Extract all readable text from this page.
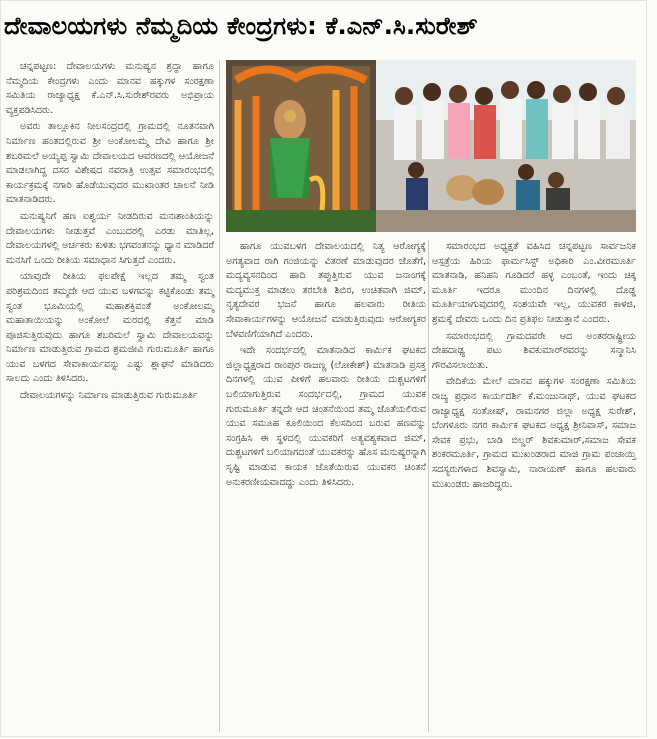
ದೇವಾಲಯಗಳು ನೆಮ್ಮದಿಯ ಕೇಂದ್ರಗಳು: ಕೆ.ಎನ್.ಸಿ.ಸುರೇಶ್

ಚನ್ನಪಟ್ಟಣ: ದೇವಾಲಯಗಳು ಮನುಷ್ಯನ ಶ್ರದ್ಧಾ ಹಾಗೂ ನೆಮ್ಮದಿಯ ಕೇಂದ್ರಗಳು ಎಂದು ಮಾನವ ಹಕ್ಕುಗಳ ಸಂರಕ್ಷಣಾ ಸಮಿತಿಯ ರಾಜ್ಯಾಧ್ಯಕ್ಷ ಕೆ.ಎನ್.ಸಿ.ಸುರೇಶ್‌ರವರು ಅಭಿಪ್ರಾಯ ವ್ಯಕ್ತಪಡಿಸಿದರು.

ಅವರು ತಾಲ್ಲೂಕಿನ ನೀಲಸಂದ್ರದಲ್ಲಿ ಗ್ರಾಮದಲ್ಲಿ ನೂತನವಾಗಿ ನಿರ್ಮಾಣ ಹಂತದಲ್ಲಿರುವ ಶ್ರೀ ಅಂಕೋಲಮ್ಮ ದೇವಿ ಹಾಗೂ ಶ್ರೀ ಶಬರಿಮಲೆ ಅಯ್ಯಪ್ಪ ಸ್ವಾಮಿ ದೇವಾಲಯದ ಆವರಣದಲ್ಲಿ ಆಯೋಜನೆ ಮಾಡಲಾಗಿದ್ದ ದಸರ ವಿಶೇಷದ ನವರಾತ್ರಿ ಉತ್ಸವ ಸಮಾರಂಭದಲ್ಲಿ ಕಾರ್ಯಕ್ರಮಕ್ಕೆ ನಗಾರಿ ಹೊಡೆಯುವುದರ ಮುಖಾಂತರ ಚಾಲನೆ ನೀಡಿ ಮಾತನಾಡಿದರು.

ಮನುಷ್ಯನಿಗೆ ಹಣ ಐಶ್ವರ್ಯ ನೀಡದಿರುವ ಮನಃಶಾಂತಿಯನ್ನು ದೇವಾಲಯಗಳು ನೀಡುತ್ತವೆ ಎಂಬುದರಲ್ಲಿ ಎರಡು ಮಾತಿಲ್ಲ, ದೇವಾಲಯಗಳಲ್ಲಿ ಅರ್ಚಕರು ಕುಳಿತು ಭಗವಂತನನ್ನು ಧ್ಯಾನ ಮಾಡಿದರೆ ಮನಸಿಗೆ ಒಂದು ರೀತಿಯ ಸಮಾಧಾನ ಸಿಗುತ್ತದೆ ಎಂದರು.

ಯಾವುದೇ ರೀತಿಯ ಫಲಪೇಕ್ಷೆ ಇಲ್ಲದ ತಮ್ಮ ಸ್ವಂತ ಪರಿಶ್ರಮದಿಂದ ತಮ್ಮದೇ ಆದ ಯುವ ಬಳಗವನ್ನು ಕಟ್ಟಿಕೊಂಡು ತಮ್ಮ ಸ್ವಂತ ಭೂಮಿಯಲ್ಲಿ ಮಹಾಶಕ್ತಿವಂತೆ ಅಂಕೋಲಮ್ಮ ಮಹಾತಾಯಿಯನ್ನು ಅಂಕೋಲೆ ಮರದಲ್ಲಿ ಕೆತ್ತನೆ ಮಾಡಿ ಪೂಜಿಸುತ್ತಿರುವುದು ಹಾಗೂ ಶಬರಿಮಲೆ ಸ್ವಾಮಿ ದೇವಾಲಯವನ್ನು ನಿರ್ಮಾಣ ಮಾಡುತ್ತಿರುವ ಗ್ರಾಮದ ಶ್ರಮಜೀವಿ ಗುರುಮೂರ್ತಿ ಹಾಗೂ ಯುವ ಬಳಗದ ಸೇವಾಕಾರ್ಯವನ್ನು ಎಷ್ಟು ಶ್ಲಾಘನೆ ಮಾಡಿದರು ಸಾಲದು ಎಂದು ತಿಳಿಸಿದರು.

ದೇವಾಲಯಗಳನ್ನು ನಿರ್ಮಾಣ ಮಾಡುತ್ತಿರುವ ಗುರುಮೂರ್ತಿ

ಹಾಗೂ ಯುವಬಳಗ ದೇವಾಲಯದಲ್ಲಿ ನಿತ್ಯ ಆರೋಗ್ಯಕ್ಕೆ ಅಗತ್ಯವಾದ ರಾಗಿ ಗಂಜಿಯನ್ನು ವಿತರಣೆ ಮಾಡುವುದರ ಜೊತೆಗೆ, ಮದ್ಯವ್ಯಸನದಿಂದ ಹಾದಿ ತಪ್ಪುತ್ತಿರುವ ಯುವ ಜನಾಂಗಕ್ಕೆ ಮದ್ಯಮುಕ್ತ ಮಾಡಲು ತರಬೇತಿ ಶಿಬಿರ, ಉಚಿತವಾಗಿ ಜಿಮ್, ನೃತ್ಯದೇವರ ಭಜನೆ ಹಾಗೂ ಹಲವಾರು ರೀತಿಯ ಸೇವಾಕಾರ್ಯಗಳನ್ನು ಆಯೋಜನೆ ಮಾಡುತ್ತಿರುವುದು ಆರೋಗ್ಯಕರ ಬೆಳವಣಿಗೆಯಾಗಿದೆ ಎಂದರು.

ಇದೇ ಸಂದರ್ಭದಲ್ಲಿ ಮಾತನಾಡಿದ ಕಾರ್ಮಿಕ ಘಟಕದ ಜಿಲ್ಲಾಧ್ಯಕ್ಷರಾದ ರಾಂಪುರ ರಾಜಣ್ಣ (ಲೋಕೇಶ್) ಮಾತನಾಡಿ ಪ್ರಸಕ್ತ ದಿನಗಳಲ್ಲಿ ಯುವ ಪೀಳಿಗೆ ಹಲವಾರು ರೀತಿಯ ದುಶ್ಚಟಗಳಿಗೆ ಬಲಿಯಾಗುತ್ತಿರುವ ಸಂದರ್ಭದಲ್ಲಿ, ಗ್ರಾಮದ ಯುವಕ ಗುರುಮೂರ್ತಿ ತನ್ನದೇ ಆದ ಚಿಂತನೆಯಿಂದ ತಮ್ಮ ಜೊತೆಯಲಿರುವ ಯುವ ಸಮೂಹ ಕೂಲಿಯಿಂದ ಕೆಲಸದಿಂದ ಬರುವ ಹಣವನ್ನು ಸಂಗ್ರಹಿಸಿ ಈ ಸ್ಥಳದಲ್ಲಿ ಯುವಕರಿಗೆ ಅತ್ಯವಶ್ಯಕವಾದ ಜಿಮ್, ದುಶ್ಚಟಗಳಿಗೆ ಬಲಿಯಾಗದಂತೆ ಯುವಕರನ್ನು ಹೊಸ ಮನುಷ್ಯರನ್ನಾಗಿ ಸೃಷ್ಟಿ ಮಾಡುವ ಕಾಯಕ ಜೊತೆಯಿರುವ ಯುವಕರ ಚಿಂತನೆ ಅನುಕರಣೀಯವಾದದ್ದು ಎಂದು ತಿಳಿಸಿದರು.

ಸಮಾರಂಭದ ಅಧ್ಯಕ್ಷತೆ ವಹಿಸಿದ ಚನ್ನಪಟ್ಟಣ ಸಾರ್ವಜನಿಕ ಆಸ್ಪತ್ರೆಯ ಹಿರಿಯ ಫಾರ್ಮಸಿಸ್ಟ್ ಅಧಿಕಾರಿ ಎಂ.ವೀರಮೂರ್ತಿ ಮಾತನಾಡಿ, ಹನಿಹನಿ ಗೂಡಿದರೆ ಹಳ್ಳ ಎಂಬಂತೆ, ಇಂದು ಚಿಕ್ಕ ಮೂರ್ತಿ ಇದರೂ ಮುಂದಿನ ದಿನಗಳಲ್ಲಿ ದೊಡ್ಡ ಮೂರ್ತಿಯಾಗುವುದರಲ್ಲಿ ಸಂಶಯವೇ ಇಲ್ಲ, ಯುವಕರ ಕಾಳಜಿ, ಶ್ರಮಕ್ಕೆ ದೇವರು ಒಂದು ದಿನ ಪ್ರತಿಫಲ ನೀಡುತ್ತಾನೆ ಎಂದರು.

ಸಮಾರಂಭದಲ್ಲಿ ಗ್ರಾಮದವರೇ ಆದ ಅಂತರರಾಷ್ಟ್ರೀಯ ದೇಹದಾಢ್ಯ ಪಟು ಶಿವಕುಮಾರ್‌ರವರನ್ನು ಸನ್ಮಾನಿಸಿ ಗೌರವಿಸಲಾಯಿತು.

ವೇದಿಕೆಯ ಮೇಲೆ ಮಾನವ ಹಕ್ಕುಗಳ ಸಂರಕ್ಷಣಾ ಸಮಿತಿಯ ರಾಜ್ಯ ಪ್ರಧಾನ ಕಾರ್ಯದರ್ಶಿ ಕೆ.ಮಂಜುನಾಥ್, ಯುವ ಘಟಕದ ರಾಜ್ಯಾಧ್ಯಕ್ಷ ಸಂತೋಷ್, ರಾಮನಗರ ಜಿಲ್ಲಾ ಅಧ್ಯಕ್ಷ ಸುರೇಶ್, ಬೆಂಗಳೂರು ನಗರ ಕಾರ್ಮಿಕ ಘಟಕದ ಅಧ್ಯಕ್ಷ ಶ್ರೀನಿವಾಸ್, ಸಮಾಜ ಸೇವಕ ಪ್ರಭು, ಬಾಡಿ ಬಿಲ್ಡರ್ ಶಿವಕುಮಾರ್,ಸಮಾಜ ಸೇವಕ ಶಂಕರಮೂರ್ತಿ, ಗ್ರಾಮದ ಮುಖಂಡರಾದ ಮಾಜಿ ಗ್ರಾಮ ಪಂಚಾಯ್ತಿ ಸದಸ್ಯರುಗಳಾದ ಶಿವಸ್ವಾಮಿ, ನಾರಾಯಣ್ ಹಾಗೂ ಹಲವಾರು ಮುಖಂಡರು ಹಾಜರಿದ್ದರು.
